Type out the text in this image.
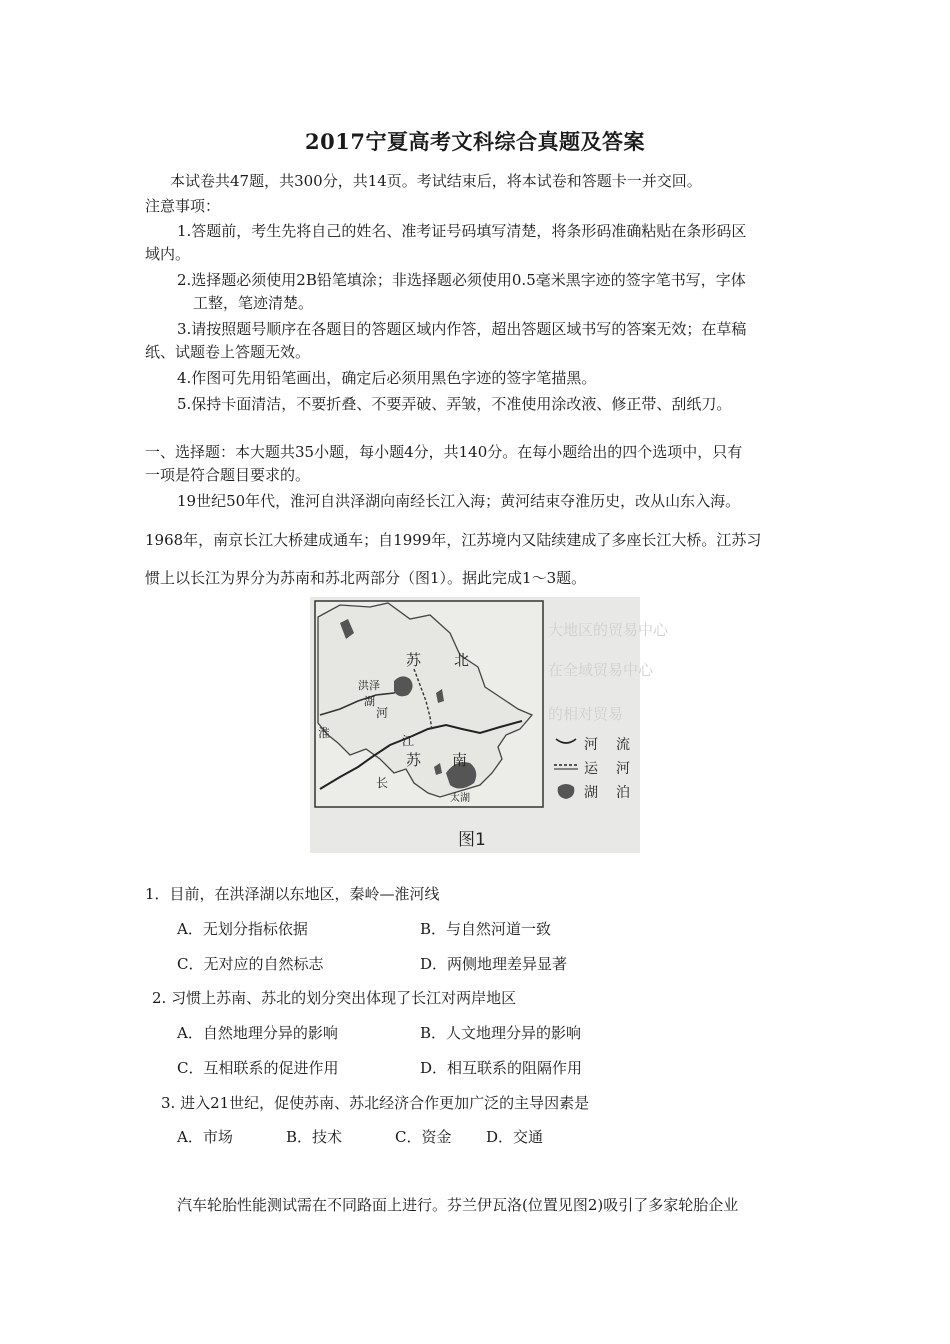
2017宁夏高考文科综合真题及答案
本试卷共47题，共300分，共14页。考试结束后，将本试卷和答题卡一并交回。
注意事项：
1.答题前，考生先将自己的姓名、准考证号码填写清楚，将条形码准确粘贴在条形码区
域内。
2.选择题必须使用2B铅笔填涂；非选择题必须使用0.5毫米黑字迹的签字笔书写，字体
工整，笔迹清楚。
3.请按照题号顺序在各题目的答题区域内作答，超出答题区域书写的答案无效；在草稿
纸、试题卷上答题无效。
4.作图可先用铅笔画出，确定后必须用黑色字迹的签字笔描黑。
5.保持卡面清洁，不要折叠、不要弄破、弄皱，不准使用涂改液、修正带、刮纸刀。
一、选择题：本大题共35小题，每小题4分，共140分。在每小题给出的四个选项中，只有
一项是符合题目要求的。
19世纪50年代，淮河自洪泽湖向南经长江入海；黄河结束夺淮历史，改从山东入海。
1968年，南京长江大桥建成通车；自1999年，江苏境内又陆续建成了多座长江大桥。江苏习
惯上以长江为界分为苏南和苏北两部分（图1）。据此完成1～3题。
大地区的贸易中心
在全域贸易中心
的相对贸易
苏 北
洪泽
湖
淮
河
江
苏 南
长
太湖
河 流
运 河
湖 泊
图1
1．目前，在洪泽湖以东地区，秦岭—淮河线
A．无划分指标依据	B．与自然河道一致
C．无对应的自然标志	D．两侧地理差异显著
2. 习惯上苏南、苏北的划分突出体现了长江对两岸地区
A．自然地理分异的影响	B．人文地理分异的影响
C．互相联系的促进作用	D．相互联系的阻隔作用
3. 进入21世纪，促使苏南、苏北经济合作更加广泛的主导因素是
A．市场	B．技术	C．资金 D．交通
汽车轮胎性能测试需在不同路面上进行。芬兰伊瓦洛(位置见图2)吸引了多家轮胎企业
